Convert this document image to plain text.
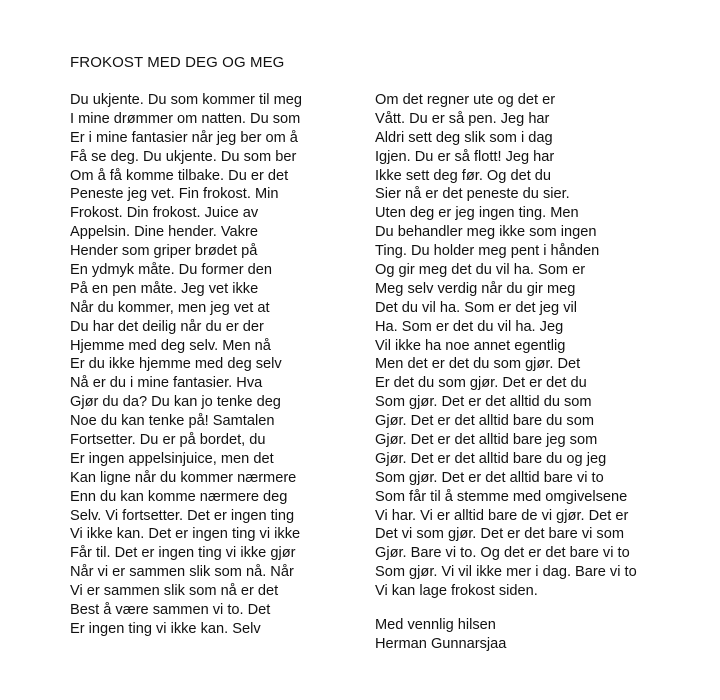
FROKOST MED DEG OG MEG
Du ukjente. Du som kommer til meg
I mine drømmer om natten. Du som
Er i mine fantasier når jeg ber om å
Få se deg. Du ukjente. Du som ber
Om å få komme tilbake. Du er det
Peneste jeg vet. Fin frokost. Min
Frokost. Din frokost. Juice av
Appelsin. Dine hender. Vakre
Hender som griper brødet på
En ydmyk måte. Du former den
På en pen måte. Jeg vet ikke
Når du kommer, men jeg vet at
Du har det deilig når du er der
Hjemme med deg selv. Men nå
Er du ikke hjemme med deg selv
Nå er du i mine fantasier. Hva
Gjør du da? Du kan jo tenke deg
Noe du kan tenke på! Samtalen
Fortsetter. Du er på bordet, du
Er ingen appelsinjuice, men det
Kan ligne når du kommer nærmere
Enn du kan komme nærmere deg
Selv. Vi fortsetter. Det er ingen ting
Vi ikke kan. Det er ingen ting vi ikke
Får til. Det er ingen ting vi ikke gjør
Når vi er sammen slik som nå. Når
Vi er sammen slik som nå er det
Best å være sammen vi to. Det
Er ingen ting vi ikke kan. Selv
Om det regner ute og det er
Vått. Du er så pen. Jeg har
Aldri sett deg slik som i dag
Igjen. Du er så flott! Jeg har
Ikke sett deg før. Og det du
Sier nå er det peneste du sier.
Uten deg er jeg ingen ting. Men
Du behandler meg ikke som ingen
Ting. Du holder meg pent i hånden
Og gir meg det du vil ha. Som er
Meg selv verdig når du gir meg
Det du vil ha. Som er det jeg vil
Ha. Som er det du vil ha. Jeg
Vil ikke ha noe annet egentlig
Men det er det du som gjør. Det
Er det du som gjør. Det er det du
Som gjør. Det er det alltid du som
Gjør. Det er det alltid bare du som
Gjør. Det er det alltid bare jeg som
Gjør. Det er det alltid bare du og jeg
Som gjør. Det er det alltid bare vi to
Som får til å stemme med omgivelsene
Vi har. Vi er alltid bare de vi gjør. Det er
Det vi som gjør. Det er det bare vi som
Gjør. Bare vi to. Og det er det bare vi to
Som gjør. Vi vil ikke mer i dag. Bare vi to
Vi kan lage frokost siden.
Med vennlig hilsen
Herman Gunnarsjaa
